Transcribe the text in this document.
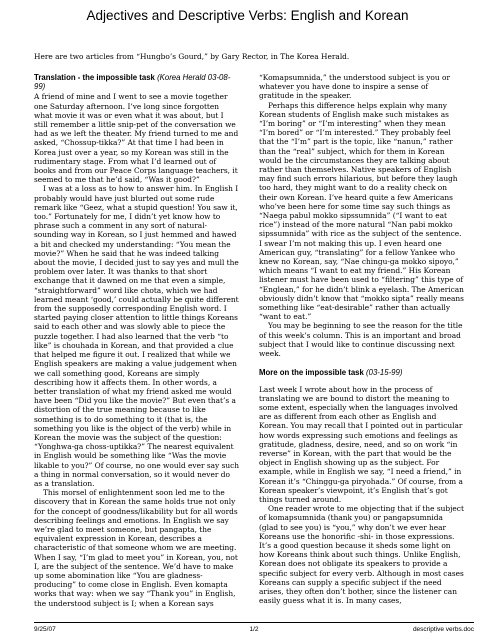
Adjectives and Descriptive Verbs: English and Korean
Here are two articles from “Hungbo’s Gourd,” by Gary Rector, in The Korea Herald.
Translation - the impossible task (Korea Herald 03-08-99)

A friend of mine and I went to see a movie together one Saturday afternoon. I’ve long since forgotten what movie it was or even what it was about, but I still remember a little snip-pet of the conversation we had as we left the theater. My friend turned to me and asked, “Chossup-tikka?” At that time I had been in Korea just over a year, so my Korean was still in the rudimentary stage. From what I’d learned out of books and from our Peace Corps language teachers, it seemed to me that he’d said, “Was it good?”

I was at a loss as to how to answer him. In English I probably would have just blurted out some rude remark like “Geez, what a stupid question! You saw it, too.” Fortunately for me, I didn’t yet know how to phrase such a comment in any sort of natural-sounding way in Korean, so I just hemmed and hawed a bit and checked my understanding: “You mean the movie?” When he said that he was indeed talking about the movie, I decided just to say yes and mull the problem over later. It was thanks to that short exchange that it dawned on me that even a simple, “straightforward” word like chota, which we had learned meant ‘good,’ could actually be quite different from the supposedly corresponding English word. I started paying closer attention to little things Koreans said to each other and was slowly able to piece the puzzle together. I had also learned that the verb “to like” is chouhada in Korean, and that provided a clue that helped me figure it out. I realized that while we English speakers are making a value judgement when we call something good, Koreans are simply describing how it affects them. In other words, a better translation of what my friend asked me would have been “Did you like the movie?” But even that’s a distortion of the true meaning because to like something is to do something to it (that is, the something you like is the object of the verb) while in Korean the movie was the subject of the question: “Yonghwa-ga choss-uptikka?” The nearest equivalent in English would be something like “Was the movie likable to you?” Of course, no one would ever say such a thing in normal conversation, so it would never do as a translation.

This morsel of enlightenment soon led me to the discovery that in Korean the same holds true not only for the concept of goodness/likability but for all words describing feelings and emotions. In English we say we’re glad to meet someone, but pangapta, the equivalent expression in Korean, describes a characteristic of that someone whom we are meeting. When I say, “I’m glad to meet you” in Korean, you, not I, are the subject of the sentence. We’d have to make up some abomination like “You are gladness-producing” to come close in English. Even komapta works that way: when we say “Thank you” in English, the understood subject is I; when a Korean says

“Komapsumnida,” the understood subject is you or whatever you have done to inspire a sense of gratitude in the speaker.

Perhaps this difference helps explain why many Korean students of English make such mistakes as “I’m boring” or “I’m interesting” when they mean “I’m bored” or “I’m interested.” They probably feel that the “I’m” part is the topic, like “nanun,” rather than the “real” subject, which for them in Korean would be the circumstances they are talking about rather than themselves. Native speakers of English may find such errors hilarious, but before they laugh too hard, they might want to do a reality check on their own Korean. I’ve heard quite a few Americans who’ve been here for some time say such things as “Naega pabul mokko sipssumnida” (“I want to eat rice”) instead of the more natural “Nan pabi mokko sipssumnida” with rice as the subject of the sentence. I swear I’m not making this up. I even heard one American guy, “translating” for a fellow Yankee who knew no Korean, say, “Nae chingu-ga mokko sipoyo,” which means “I want to eat my friend.” His Korean listener must have been used to “filtering” this type of “Englean,” for he didn’t blink a eyelash. The American obviously didn’t know that “mokko sipta” really means something like “eat-desirable” rather than actually “want to eat.”

You may be beginning to see the reason for the title of this week’s column. This is an important and broad subject that I would like to continue discussing next week.

More on the impossible task (03-15-99)

Last week I wrote about how in the process of translating we are bound to distort the meaning to some extent, especially when the languages involved are as different from each other as English and Korean. You may recall that I pointed out in particular how words expressing such emotions and feelings as gratitude, gladness, desire, need, and so on work “in reverse” in Korean, with the part that would be the object in English showing up as the subject. For example, while in English we say, “I need a friend,” in Korean it’s “Chinggu-ga piryohada.” Of course, from a Korean speaker’s viewpoint, it’s English that’s got things turned around.

One reader wrote to me objecting that if the subject of komapsumnida (thank you) or pangapsumnida (glad to see you) is “you,” why don’t we ever hear Koreans use the honorific -shi- in those expressions. It’s a good question because it sheds some light on how Koreans think about such things. Unlike English, Korean does not obligate its speakers to provide a specific subject for every verb. Although in most cases Koreans can supply a specific subject if the need arises, they often don’t bother, since the listener can easily guess what it is. In many cases,

9/25/07	1/2	descriptive verbs.doc
